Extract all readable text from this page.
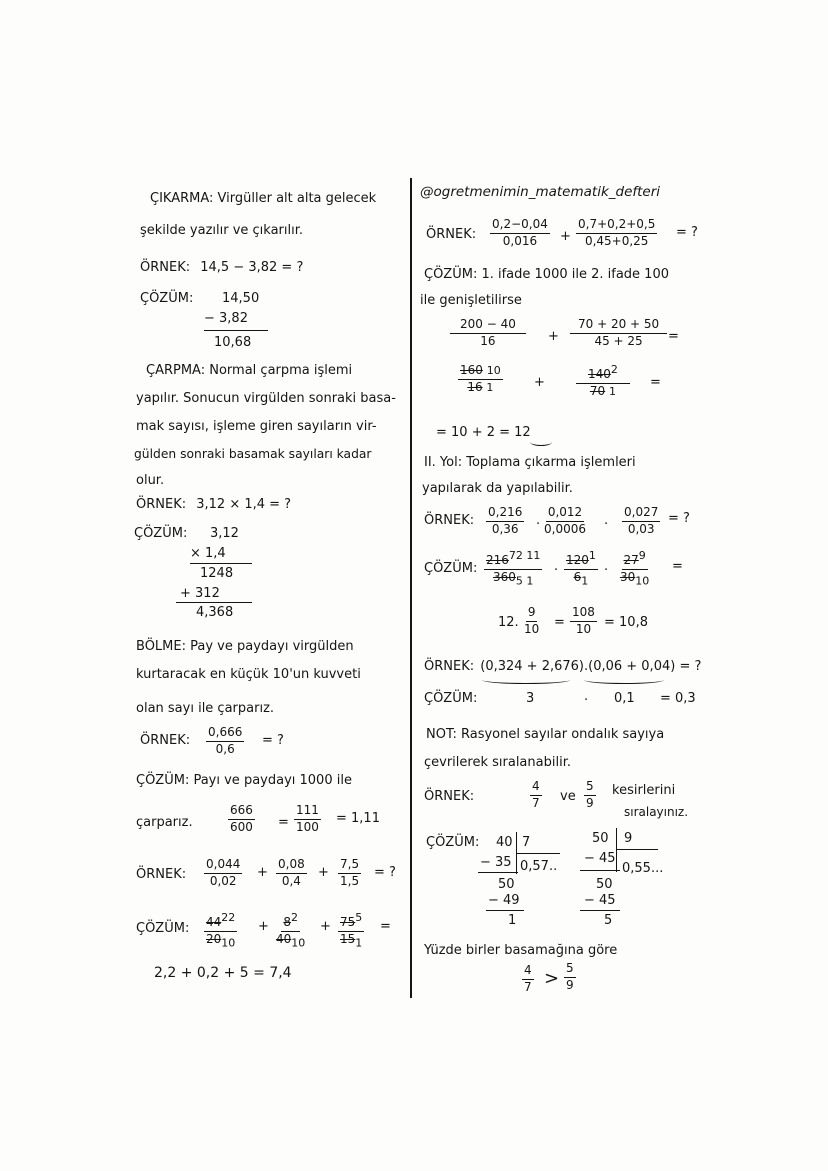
ÇIKARMA: Virgüller alt alta gelecek
şekilde yazılır ve çıkarılır.
ÖRNEK: 14,5 − 3,82 = ?
ÇÖZÜM: 14,50
− 3,82
10,68
ÇARPMA: Normal çarpma işlemi
yapılır. Sonucun virgülden sonraki basa-
mak sayısı, işleme giren sayıların vir-
gülden sonraki basamak sayıları kadar
olur.
ÖRNEK: 3,12 × 1,4 = ?
ÇÖZÜM: 3,12
× 1,4
1248
+ 312
4,368
BÖLME: Pay ve paydayı virgülden
kurtaracak en küçük 10'un kuvveti
olan sayı ile çarparız.
ÖRNEK: $\frac{0,666}{0,6}$ = ?
ÇÖZÜM: Payı ve paydayı 1000 ile
çarparız.	$\frac{666}{600} = \frac{111}{100} = 1,11$
ÖRNEK: $\frac{0,044}{0,02} + \frac{0,08}{0,4} + \frac{7,5}{1,5}$ = ?
ÇÖZÜM: $\frac{44^{22}}{20_{10}} + \frac{8^2}{40_{10}} + \frac{75^5}{15_1}$ =
2,2 + 0,2 + 5 = 7,4
@ogretmenimin_matematik_defteri
ÖRNEK: $\frac{0,2-0,04}{0,016} + \frac{0,7+0,2+0,5}{0,45+0,25}$ = ?
ÇÖZÜM: 1. ifade 1000 ile 2. ifade 100
ile genişletilirse
$\frac{200 - 40}{16} + \frac{70 + 20 + 50}{45 + 25}$ =
$\frac{160 10}{16 1}$ +	$\frac{140^2}{70 1}$ =
= 10 + 2 = 12
II. Yol: Toplama çıkarma işlemleri
yapılarak da yapılabilir.
ÖRNEK: $\frac{0,216}{0,36}$ . $\frac{0,012}{0,0006}$ . $\frac{0,027}{0,03}$ = ?
ÇÖZÜM: $\frac{216^{72 11}}{360_{5 1}}$ . $\frac{120^1}{6_1}$ . $\frac{27^9}{30_{10}}$ =
12. $\frac{9}{10} = \frac{108}{10} = 10,8$
ÖRNEK: (0,324 + 2,676).(0,06 + 0,04) = ?
ÇÖZÜM:	3	. 0,1 = 0,3
NOT: Rasyonel sayılar ondalık sayıya
çevrilerek sıralanabilir.
ÖRNEK:	$\frac{4}{7}$ ve $\frac{5}{9}$ kesirlerini
sıralayınız.
ÇÖZÜM: 40 7
− 35 0,57..
50
− 49
1
50 9
− 45
0,55...
50
− 45
5
Yüzde birler basamağına göre
$\frac{4}{7} > \frac{5}{9}$
